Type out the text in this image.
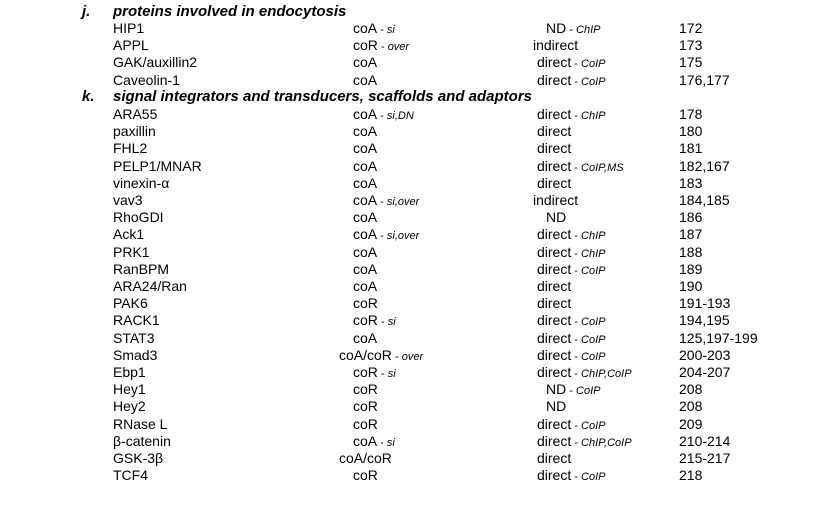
j. proteins involved in endocytosis
HIP1	coA - si	ND - ChIP	172
APPL	coR - over	indirect	173
GAK/auxillin2	coA	direct - CoIP	175
Caveolin-1	coA	direct - CoIP	176,177
k. signal integrators and transducers, scaffolds and adaptors
ARA55	coA - si,DN	direct - ChIP	178
paxillin	coA	direct	180
FHL2	coA	direct	181
PELP1/MNAR	coA	direct - CoIP,MS	182,167
vinexin-α	coA	direct	183
vav3	coA - si,over	indirect	184,185
RhoGDI	coA	ND	186
Ack1	coA - si,over	direct - ChIP	187
PRK1	coA	direct - ChIP	188
RanBPM	coA	direct - CoIP	189
ARA24/Ran	coA	direct	190
PAK6	coR	direct	191-193
RACK1	coR - si	direct - CoIP	194,195
STAT3	coA	direct - CoIP	125,197-199
Smad3	coA/coR - over	direct - CoIP	200-203
Ebp1	coR - si	direct - ChIP,CoIP	204-207
Hey1	coR	ND - CoIP	208
Hey2	coR	ND	208
RNase L	coR	direct - CoIP	209
β-catenin	coA - si	direct - ChIP,CoIP	210-214
GSK-3β	coA/coR	direct	215-217
TCF4	coR	direct - CoIP	218
